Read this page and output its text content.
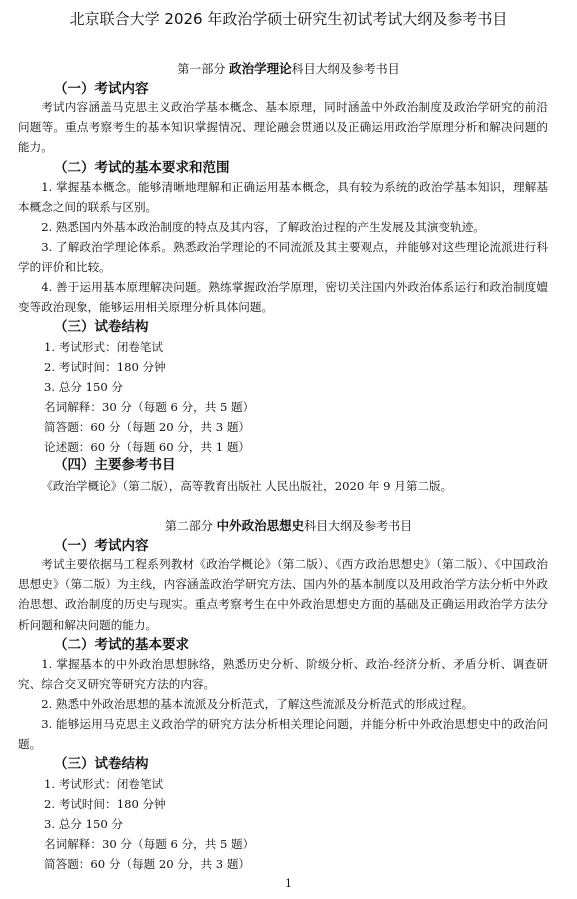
北京联合大学 2026 年政治学硕士研究生初试考试大纲及参考书目
第一部分 政治学理论科目大纲及参考书目
（一）考试内容
考试内容涵盖马克思主义政治学基本概念、基本原理，同时涵盖中外政治制度及政治学研究的前沿问题等。重点考察考生的基本知识掌握情况、理论融会贯通以及正确运用政治学原理分析和解决问题的能力。
（二）考试的基本要求和范围
1. 掌握基本概念。能够清晰地理解和正确运用基本概念，具有较为系统的政治学基本知识，理解基本概念之间的联系与区别。
2. 熟悉国内外基本政治制度的特点及其内容，了解政治过程的产生发展及其演变轨迹。
3. 了解政治学理论体系。熟悉政治学理论的不同流派及其主要观点，并能够对这些理论流派进行科学的评价和比较。
4. 善于运用基本原理解决问题。熟练掌握政治学原理，密切关注国内外政治体系运行和政治制度嬗变等政治现象，能够运用相关原理分析具体问题。
（三）试卷结构
1. 考试形式：闭卷笔试
2. 考试时间：180 分钟
3. 总分 150 分
名词解释：30 分（每题 6 分，共 5 题）
简答题：60 分（每题 20 分，共 3 题）
论述题：60 分（每题 60 分，共 1 题）
（四）主要参考书目
《政治学概论》（第二版），高等教育出版社 人民出版社，2020 年 9 月第二版。
第二部分 中外政治思想史科目大纲及参考书目
（一）考试内容
考试主要依据马工程系列教材《政治学概论》（第二版）、《西方政治思想史》（第二版）、《中国政治思想史》（第二版）为主线，内容涵盖政治学研究方法、国内外的基本制度以及用政治学方法分析中外政治思想、政治制度的历史与现实。重点考察考生在中外政治思想史方面的基础及正确运用政治学方法分析问题和解决问题的能力。
（二）考试的基本要求
1. 掌握基本的中外政治思想脉络，熟悉历史分析、阶级分析、政治-经济分析、矛盾分析、调查研究、综合交叉研究等研究方法的内容。
2. 熟悉中外政治思想的基本流派及分析范式，了解这些流派及分析范式的形成过程。
3. 能够运用马克思主义政治学的研究方法分析相关理论问题，并能分析中外政治思想史中的政治问题。
（三）试卷结构
1. 考试形式：闭卷笔试
2. 考试时间：180 分钟
3. 总分 150 分
名词解释：30 分（每题 6 分，共 5 题）
简答题：60 分（每题 20 分，共 3 题）
1
